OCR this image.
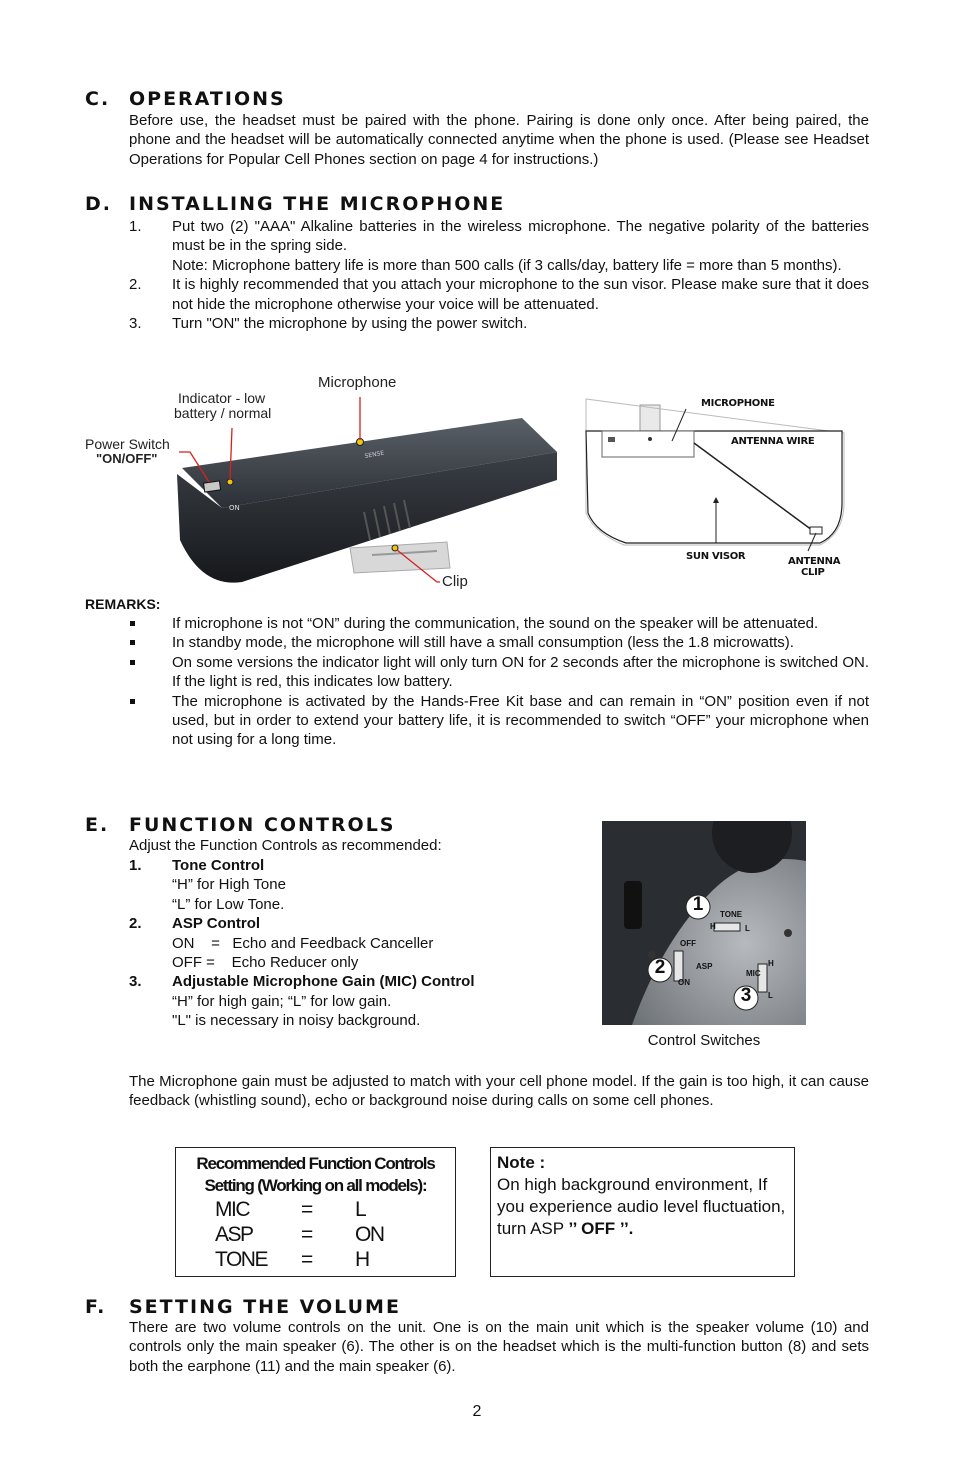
C. OPERATIONS

Before use, the headset must be paired with the phone. Pairing is done only once. After being paired, the phone and the headset will be automatically connected anytime when the phone is used. (Please see Headset Operations for Popular Cell Phones section on page 4 for instructions.)

D. INSTALLING THE MICROPHONE
1. Put two (2) "AAA" Alkaline batteries in the wireless microphone. The negative polarity of the batteries must be in the spring side.
Note: Microphone battery life is more than 500 calls (if 3 calls/day, battery life = more than 5 months).
2. It is highly recommended that you attach your microphone to the sun visor. Please make sure that it does not hide the microphone otherwise your voice will be attenuated.
3. Turn "ON" the microphone by using the power switch.
ON
SENSE
Microphone
Indicator - low
battery / normal
Power Switch
"ON/OFF"
Clip
MICROPHONE
ANTENNA WIRE
SUN VISOR	ANTENNA
CLIP
REMARKS:
If microphone is not “ON” during the communication, the sound on the speaker will be attenuated.
In standby mode, the microphone will still have a small consumption (less the 1.8 microwatts).
On some versions the indicator light will only turn ON for 2 seconds after the microphone is switched ON. If the light is red, this indicates low battery.
The microphone is activated by the Hands-Free Kit base and can remain in “ON” position even if not used, but in order to extend your battery life, it is recommended to switch “OFF” your microphone when not using for a long time.
E. FUNCTION CONTROLS
Adjust the Function Controls as recommended:
1.	Tone Control
“H” for High Tone
“L” for Low Tone.
2.	ASP Control
ON    =   Echo and Feedback Canceller
OFF =    Echo Reducer only
3.	Adjustable Microphone Gain (MIC) Control
“H” for high gain; “L” for low gain.
"L" is necessary in noisy background.
1
2
3
TONE
H	L
OFF
ASP
ON
MIC
H
L
Control Switches

The Microphone gain must be adjusted to match with your cell phone model. If the gain is too high, it can cause feedback (whistling sound), echo or background noise during calls on some cell phones.

Recommended Function Controls
Setting (Working on all models):
MIC	=	L
ASP	=	ON
TONE	=	H
Note :
On high background environment, If you experience audio level fluctuation, turn ASP ’’ OFF ’’.
F. SETTING THE VOLUME

There are two volume controls on the unit. One is on the main unit which is the speaker volume (10) and controls only the main speaker (6). The other is on the headset which is the multi-function button (8) and sets both the earphone (11) and the main speaker (6).

2
